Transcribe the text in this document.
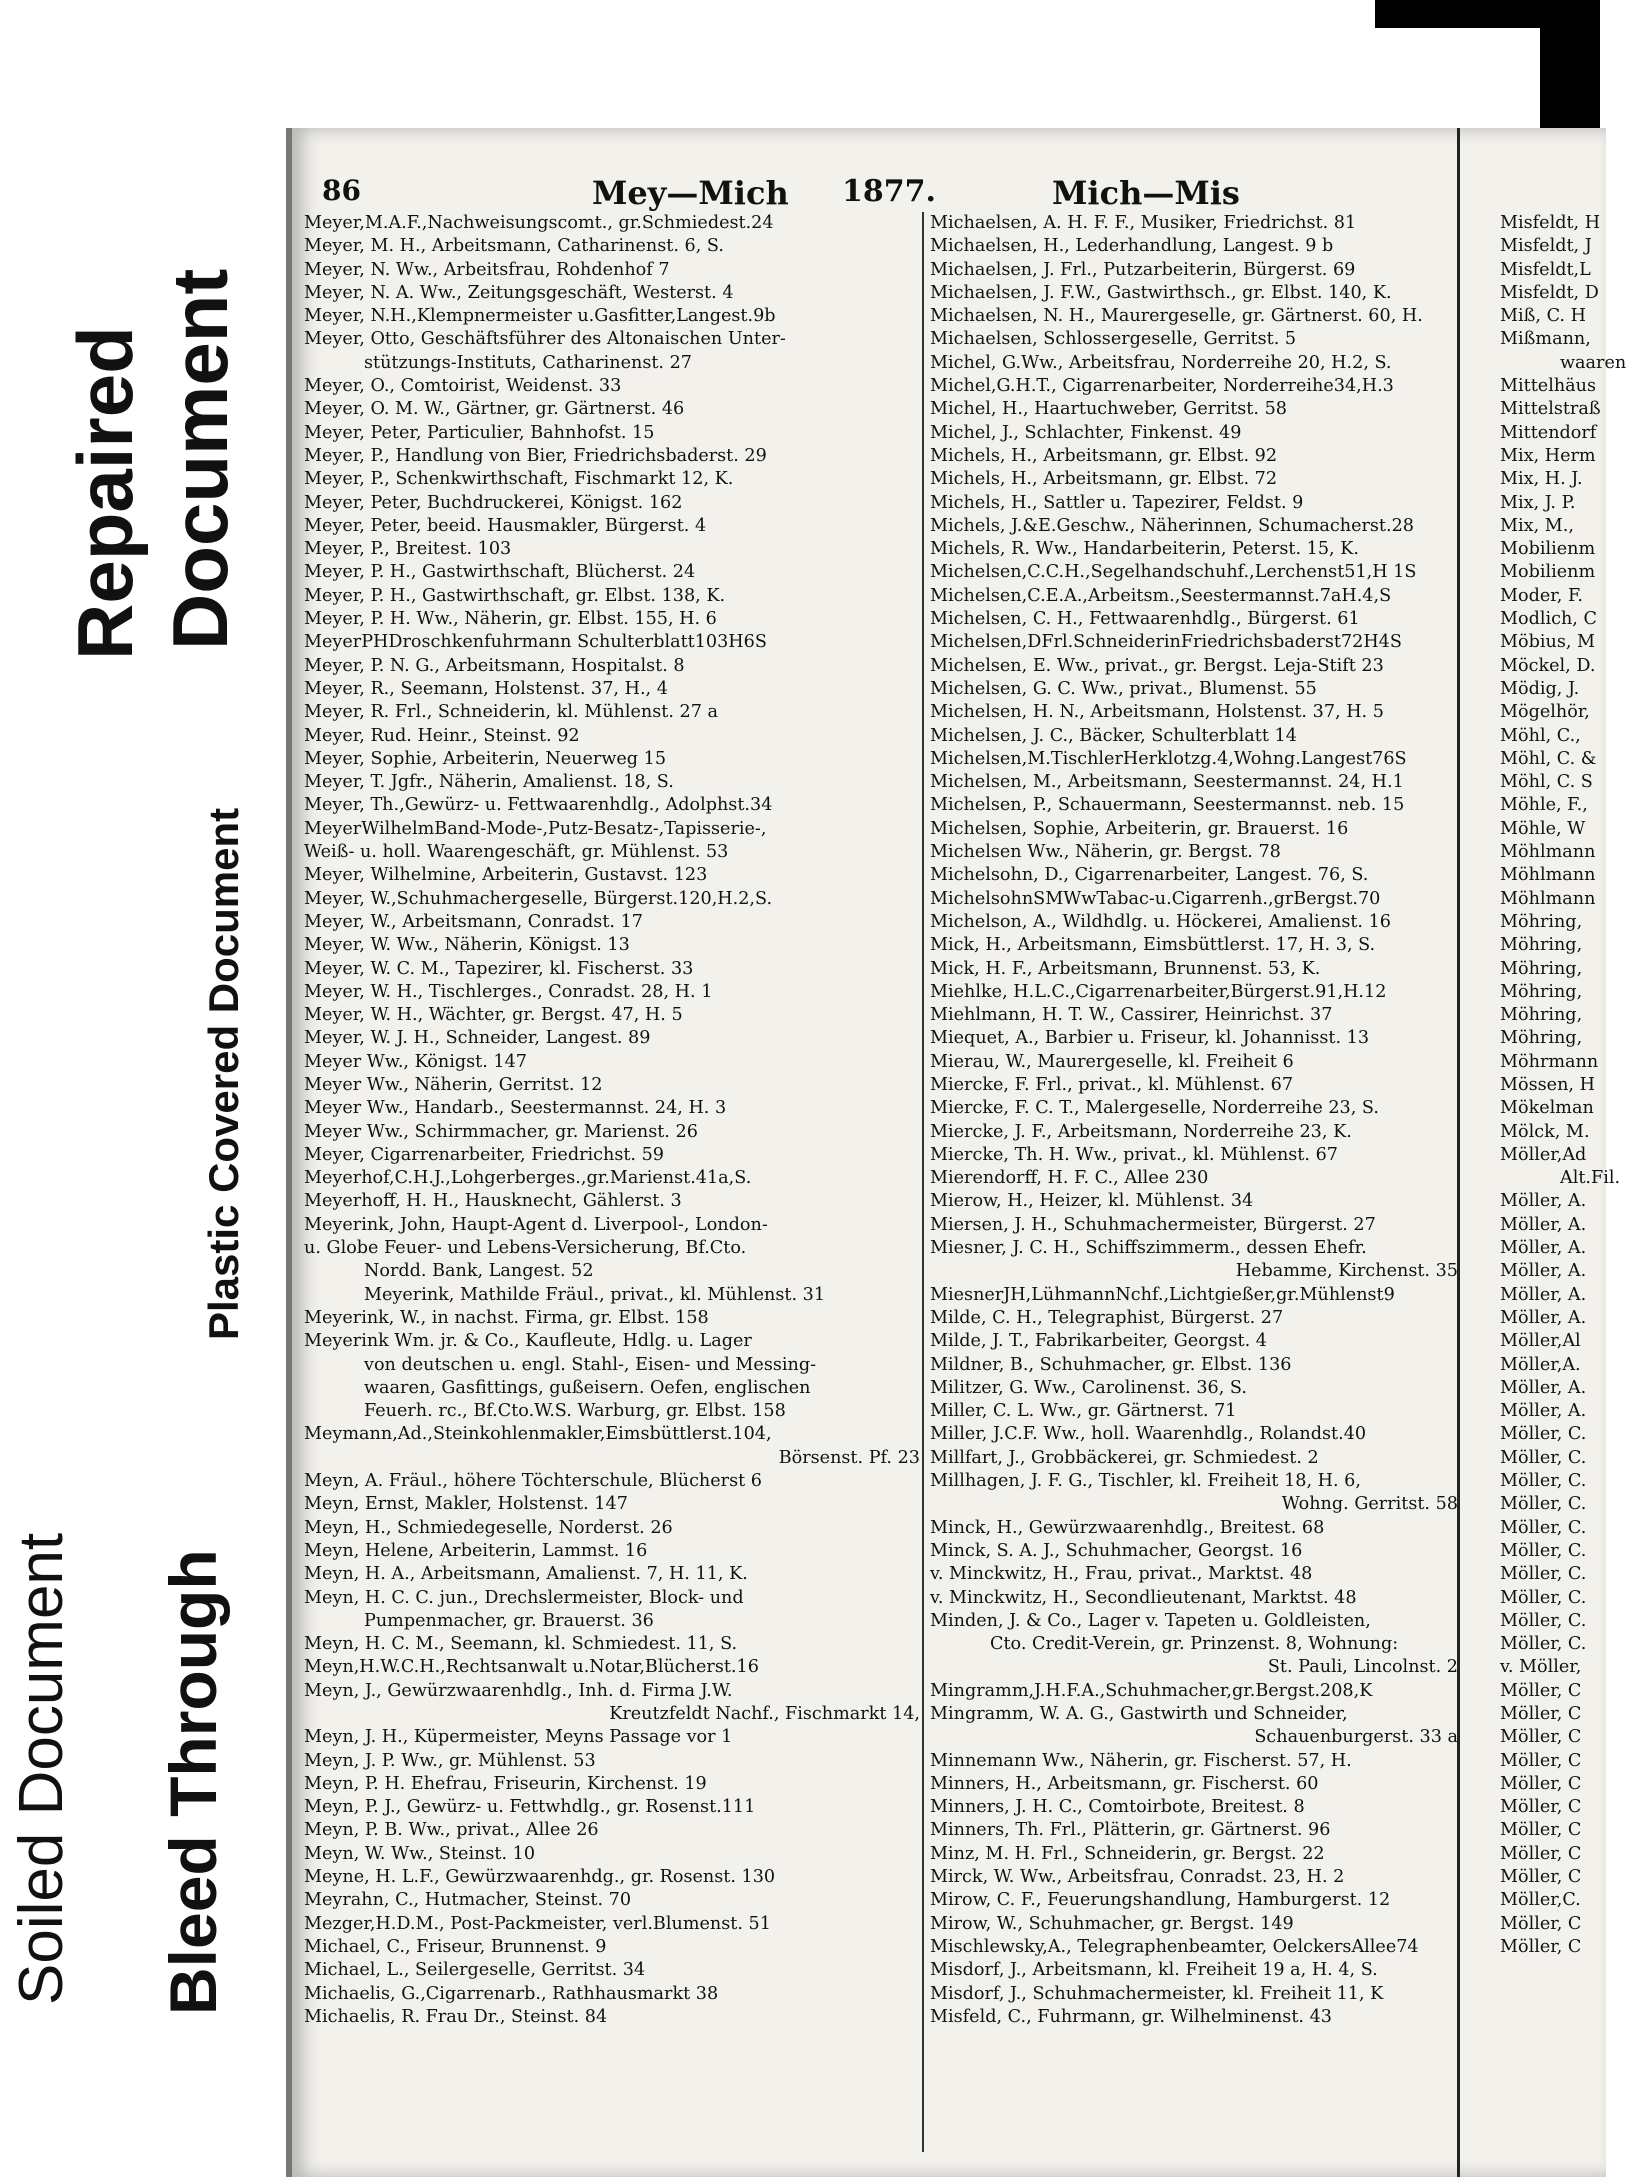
Soiled Document Bleed Through
Plastic Covered Document
Repaired Document
86	Mey—Mich 1877.	Mich—Mis
Meyer,M.A.F.,Nachweisungscomt., gr.Schmiedest.24
Meyer, M. H., Arbeitsmann, Catharinenst. 6, S.
Meyer, N. Ww., Arbeitsfrau, Rohdenhof 7
Meyer, N. A. Ww., Zeitungsgeschäft, Westerst. 4
Meyer, N.H.,Klempnermeister u.Gasfitter,Langest.9b
Meyer, Otto, Geschäftsführer des Altonaischen Unter-
stützungs-Instituts, Catharinenst. 27
Meyer, O., Comtoirist, Weidenst. 33
Meyer, O. M. W., Gärtner, gr. Gärtnerst. 46
Meyer, Peter, Particulier, Bahnhofst. 15
Meyer, P., Handlung von Bier, Friedrichsbaderst. 29
Meyer, P., Schenkwirthschaft, Fischmarkt 12, K.
Meyer, Peter, Buchdruckerei, Königst. 162
Meyer, Peter, beeid. Hausmakler, Bürgerst. 4
Meyer, P., Breitest. 103
Meyer, P. H., Gastwirthschaft, Blücherst. 24
Meyer, P. H., Gastwirthschaft, gr. Elbst. 138, K.
Meyer, P. H. Ww., Näherin, gr. Elbst. 155, H. 6
MeyerPHDroschkenfuhrmann Schulterblatt103H6S
Meyer, P. N. G., Arbeitsmann, Hospitalst. 8
Meyer, R., Seemann, Holstenst. 37, H., 4
Meyer, R. Frl., Schneiderin, kl. Mühlenst. 27 a
Meyer, Rud. Heinr., Steinst. 92
Meyer, Sophie, Arbeiterin, Neuerweg 15
Meyer, T. Jgfr., Näherin, Amalienst. 18, S.
Meyer, Th.,Gewürz- u. Fettwaarenhdlg., Adolphst.34
MeyerWilhelmBand-Mode-,Putz-Besatz-,Tapisserie-,
Weiß- u. holl. Waarengeschäft, gr. Mühlenst. 53
Meyer, Wilhelmine, Arbeiterin, Gustavst. 123
Meyer, W.,Schuhmachergeselle, Bürgerst.120,H.2,S.
Meyer, W., Arbeitsmann, Conradst. 17
Meyer, W. Ww., Näherin, Königst. 13
Meyer, W. C. M., Tapezirer, kl. Fischerst. 33
Meyer, W. H., Tischlerges., Conradst. 28, H. 1
Meyer, W. H., Wächter, gr. Bergst. 47, H. 5
Meyer, W. J. H., Schneider, Langest. 89
Meyer Ww., Königst. 147
Meyer Ww., Näherin, Gerritst. 12
Meyer Ww., Handarb., Seestermannst. 24, H. 3
Meyer Ww., Schirmmacher, gr. Marienst. 26
Meyer, Cigarrenarbeiter, Friedrichst. 59
Meyerhof,C.H.J.,Lohgerberges.,gr.Marienst.41a,S.
Meyerhoff, H. H., Hausknecht, Gählerst. 3
Meyerink, John, Haupt-Agent d. Liverpool-, London-
u. Globe Feuer- und Lebens-Versicherung, Bf.Cto.
Nordd. Bank, Langest. 52
Meyerink, Mathilde Fräul., privat., kl. Mühlenst. 31
Meyerink, W., in nachst. Firma, gr. Elbst. 158
Meyerink Wm. jr. & Co., Kaufleute, Hdlg. u. Lager
von deutschen u. engl. Stahl-, Eisen- und Messing-
waaren, Gasfittings, gußeisern. Oefen, englischen
Feuerh. rc., Bf.Cto.W.S. Warburg, gr. Elbst. 158
Meymann,Ad.,Steinkohlenmakler,Eimsbüttlerst.104,
Börsenst. Pf. 23
Meyn, A. Fräul., höhere Töchterschule, Blücherst 6
Meyn, Ernst, Makler, Holstenst. 147
Meyn, H., Schmiedegeselle, Norderst. 26
Meyn, Helene, Arbeiterin, Lammst. 16
Meyn, H. A., Arbeitsmann, Amalienst. 7, H. 11, K.
Meyn, H. C. C. jun., Drechslermeister, Block- und
Pumpenmacher, gr. Brauerst. 36
Meyn, H. C. M., Seemann, kl. Schmiedest. 11, S.
Meyn,H.W.C.H.,Rechtsanwalt u.Notar,Blücherst.16
Meyn, J., Gewürzwaarenhdlg., Inh. d. Firma J.W.
Kreutzfeldt Nachf., Fischmarkt 14,
Meyn, J. H., Küpermeister, Meyns Passage vor 1
Meyn, J. P. Ww., gr. Mühlenst. 53
Meyn, P. H. Ehefrau, Friseurin, Kirchenst. 19
Meyn, P. J., Gewürz- u. Fettwhdlg., gr. Rosenst.111
Meyn, P. B. Ww., privat., Allee 26
Meyn, W. Ww., Steinst. 10
Meyne, H. L.F., Gewürzwaarenhdg., gr. Rosenst. 130
Meyrahn, C., Hutmacher, Steinst. 70
Mezger,H.D.M., Post-Packmeister, verl.Blumenst. 51
Michael, C., Friseur, Brunnenst. 9
Michael, L., Seilergeselle, Gerritst. 34
Michaelis, G.,Cigarrenarb., Rathhausmarkt 38
Michaelis, R. Frau Dr., Steinst. 84
Michaelsen, A. H. F. F., Musiker, Friedrichst. 81
Michaelsen, H., Lederhandlung, Langest. 9 b
Michaelsen, J. Frl., Putzarbeiterin, Bürgerst. 69
Michaelsen, J. F.W., Gastwirthsch., gr. Elbst. 140, K.
Michaelsen, N. H., Maurergeselle, gr. Gärtnerst. 60, H.
Michaelsen, Schlossergeselle, Gerritst. 5
Michel, G.Ww., Arbeitsfrau, Norderreihe 20, H.2, S.
Michel,G.H.T., Cigarrenarbeiter, Norderreihe34,H.3
Michel, H., Haartuchweber, Gerritst. 58
Michel, J., Schlachter, Finkenst. 49
Michels, H., Arbeitsmann, gr. Elbst. 92
Michels, H., Arbeitsmann, gr. Elbst. 72
Michels, H., Sattler u. Tapezirer, Feldst. 9
Michels, J.&E.Geschw., Näherinnen, Schumacherst.28
Michels, R. Ww., Handarbeiterin, Peterst. 15, K.
Michelsen,C.C.H.,Segelhandschuhf.,Lerchenst51,H 1S
Michelsen,C.E.A.,Arbeitsm.,Seestermannst.7aH.4,S
Michelsen, C. H., Fettwaarenhdlg., Bürgerst. 61
Michelsen,DFrl.SchneiderinFriedrichsbaderst72H4S
Michelsen, E. Ww., privat., gr. Bergst. Leja-Stift 23
Michelsen, G. C. Ww., privat., Blumenst. 55
Michelsen, H. N., Arbeitsmann, Holstenst. 37, H. 5
Michelsen, J. C., Bäcker, Schulterblatt 14
Michelsen,M.TischlerHerklotzg.4,Wohng.Langest76S
Michelsen, M., Arbeitsmann, Seestermannst. 24, H.1
Michelsen, P., Schauermann, Seestermannst. neb. 15
Michelsen, Sophie, Arbeiterin, gr. Brauerst. 16
Michelsen Ww., Näherin, gr. Bergst. 78
Michelsohn, D., Cigarrenarbeiter, Langest. 76, S.
MichelsohnSMWwTabac-u.Cigarrenh.,grBergst.70
Michelson, A., Wildhdlg. u. Höckerei, Amalienst. 16
Mick, H., Arbeitsmann, Eimsbüttlerst. 17, H. 3, S.
Mick, H. F., Arbeitsmann, Brunnenst. 53, K.
Miehlke, H.L.C.,Cigarrenarbeiter,Bürgerst.91,H.12
Miehlmann, H. T. W., Cassirer, Heinrichst. 37
Miequet, A., Barbier u. Friseur, kl. Johannisst. 13
Mierau, W., Maurergeselle, kl. Freiheit 6
Miercke, F. Frl., privat., kl. Mühlenst. 67
Miercke, F. C. T., Malergeselle, Norderreihe 23, S.
Miercke, J. F., Arbeitsmann, Norderreihe 23, K.
Miercke, Th. H. Ww., privat., kl. Mühlenst. 67
Mierendorff, H. F. C., Allee 230
Mierow, H., Heizer, kl. Mühlenst. 34
Miersen, J. H., Schuhmachermeister, Bürgerst. 27
Miesner, J. C. H., Schiffszimmerm., dessen Ehefr.
Hebamme, Kirchenst. 35
MiesnerJH,LühmannNchf.,Lichtgießer,gr.Mühlenst9
Milde, C. H., Telegraphist, Bürgerst. 27
Milde, J. T., Fabrikarbeiter, Georgst. 4
Mildner, B., Schuhmacher, gr. Elbst. 136
Militzer, G. Ww., Carolinenst. 36, S.
Miller, C. L. Ww., gr. Gärtnerst. 71
Miller, J.C.F. Ww., holl. Waarenhdlg., Rolandst.40
Millfart, J., Grobbäckerei, gr. Schmiedest. 2
Millhagen, J. F. G., Tischler, kl. Freiheit 18, H. 6,
Wohng. Gerritst. 58
Minck, H., Gewürzwaarenhdlg., Breitest. 68
Minck, S. A. J., Schuhmacher, Georgst. 16
v. Minckwitz, H., Frau, privat., Marktst. 48
v. Minckwitz, H., Secondlieutenant, Marktst. 48
Minden, J. & Co., Lager v. Tapeten u. Goldleisten,
Cto. Credit-Verein, gr. Prinzenst. 8, Wohnung:
St. Pauli, Lincolnst. 2
Mingramm,J.H.F.A.,Schuhmacher,gr.Bergst.208,K
Mingramm, W. A. G., Gastwirth und Schneider,
Schauenburgerst. 33 a
Minnemann Ww., Näherin, gr. Fischerst. 57, H.
Minners, H., Arbeitsmann, gr. Fischerst. 60
Minners, J. H. C., Comtoirbote, Breitest. 8
Minners, Th. Frl., Plätterin, gr. Gärtnerst. 96
Minz, M. H. Frl., Schneiderin, gr. Bergst. 22
Mirck, W. Ww., Arbeitsfrau, Conradst. 23, H. 2
Mirow, C. F., Feuerungshandlung, Hamburgerst. 12
Mirow, W., Schuhmacher, gr. Bergst. 149
Mischlewsky,A., Telegraphenbeamter, OelckersAllee74
Misdorf, J., Arbeitsmann, kl. Freiheit 19 a, H. 4, S.
Misdorf, J., Schuhmachermeister, kl. Freiheit 11, K
Misfeld, C., Fuhrmann, gr. Wilhelminenst. 43
Misfeldt, H
Misfeldt, J
Misfeldt,L
Misfeldt, D
Miß, C. H
Mißmann,
waaren
Mittelhäus
Mittelstraß
Mittendorf
Mix, Herm
Mix, H. J.
Mix, J. P.
Mix, M.,
Mobilienm
Mobilienm
Moder, F.
Modlich, C
Möbius, M
Möckel, D.
Mödig, J.
Mögelhör,
Möhl, C.,
Möhl, C. &
Möhl, C. S
Möhle, F.,
Möhle, W
Möhlmann
Möhlmann
Möhlmann
Möhring,
Möhring,
Möhring,
Möhring,
Möhring,
Möhring,
Möhrmann
Mössen, H
Mökelman
Mölck, M.
Möller,Ad
Alt.Fil.
Möller, A.
Möller, A.
Möller, A.
Möller, A.
Möller, A.
Möller, A.
Möller,Al
Möller,A.
Möller, A.
Möller, A.
Möller, C.
Möller, C.
Möller, C.
Möller, C.
Möller, C.
Möller, C.
Möller, C.
Möller, C.
Möller, C.
Möller, C.
v. Möller,
Möller, C
Möller, C
Möller, C
Möller, C
Möller, C
Möller, C
Möller, C
Möller, C
Möller, C
Möller,C.
Möller, C
Möller, C
